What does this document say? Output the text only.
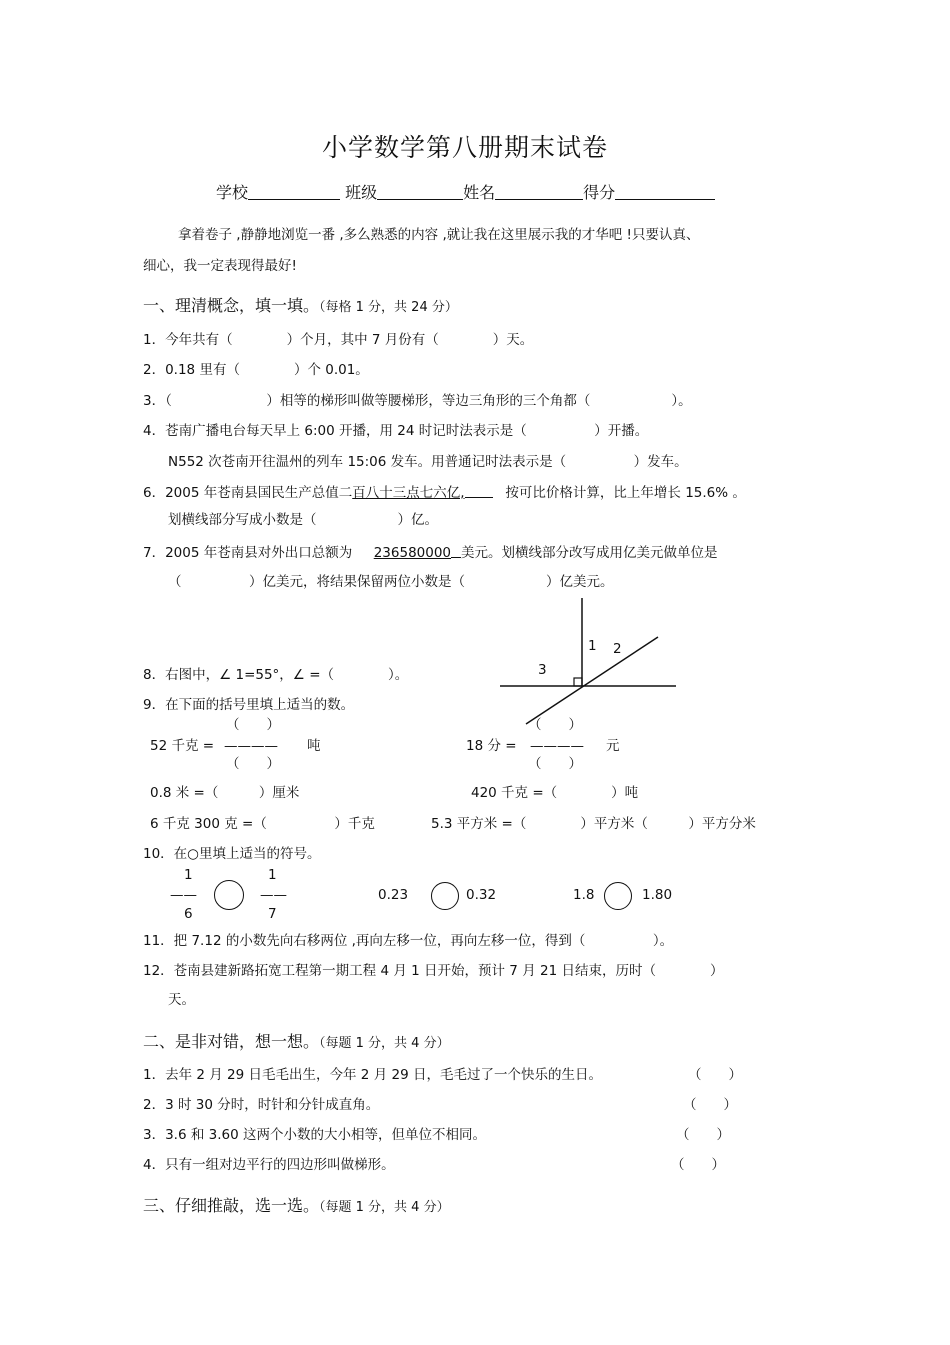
小学数学第八册期末试卷
学校	班级	姓名	得分
拿着卷子 ,静静地浏览一番 ,多么熟悉的内容 ,就让我在这里展示我的才华吧 !只要认真、
细心，我一定表现得最好!
一、理清概念，填一填。（每格 1 分，共 24 分）
1．今年共有（　　　　）个月，其中 7 月份有（　　　　）天。
2．0.18 里有（　　　　）个 0.01。
3．（　　　　　　　）相等的梯形叫做等腰梯形，等边三角形的三个角都（　　　　　　）。
4．苍南广播电台每天早上 6:00 开播，用 24 时记时法表示是（　　　　　）开播。
N552 次苍南开往温州的列车 15:06 发车。用普通记时法表示是（　　　　　）发车。
6．2005 年苍南县国民生产总值二百八十三点七六亿,	按可比价格计算，比上年增长 15.6% 。
划横线部分写成小数是（　　　　　　）亿。
7．2005 年苍南县对外出口总额为 236580000 美元。划横线部分改写成用亿美元做单位是
（　　　　　）亿美元，将结果保留两位小数是（　　　　　　）亿美元。
1 2
3
8．右图中，∠ 1=55°，∠ =（　　　　）。
9．在下面的括号里填上适当的数。
（　　）
52 千克 = ———— 吨
（　　）
（　　）
18 分 = ———— 元
（　　）
0.8 米 =（　　　）厘米	420 千克 =（　　　　）吨
6 千克 300 克 =（　　　　　）千克	5.3 平方米 =（　　　　）平方米（　　　）平方分米
10．在○里填上适当的符号。
1
——
6
1
——
7
0.23	0.32	1.8	1.80
11．把 7.12 的小数先向右移两位 ,再向左移一位，再向左移一位，得到（　　　　　）。
12．苍南县建新路拓宽工程第一期工程 4 月 1 日开始，预计 7 月 21 日结束，历时（　　　　）
天。
二、是非对错，想一想。（每题 1 分，共 4 分）
1．去年 2 月 29 日毛毛出生，今年 2 月 29 日，毛毛过了一个快乐的生日。	（　　）
2．3 时 30 分时，时针和分针成直角。	（　　）
3．3.6 和 3.60 这两个小数的大小相等，但单位不相同。	（　　）
4．只有一组对边平行的四边形叫做梯形。	（　　）
三、仔细推敲，选一选。（每题 1 分，共 4 分）
